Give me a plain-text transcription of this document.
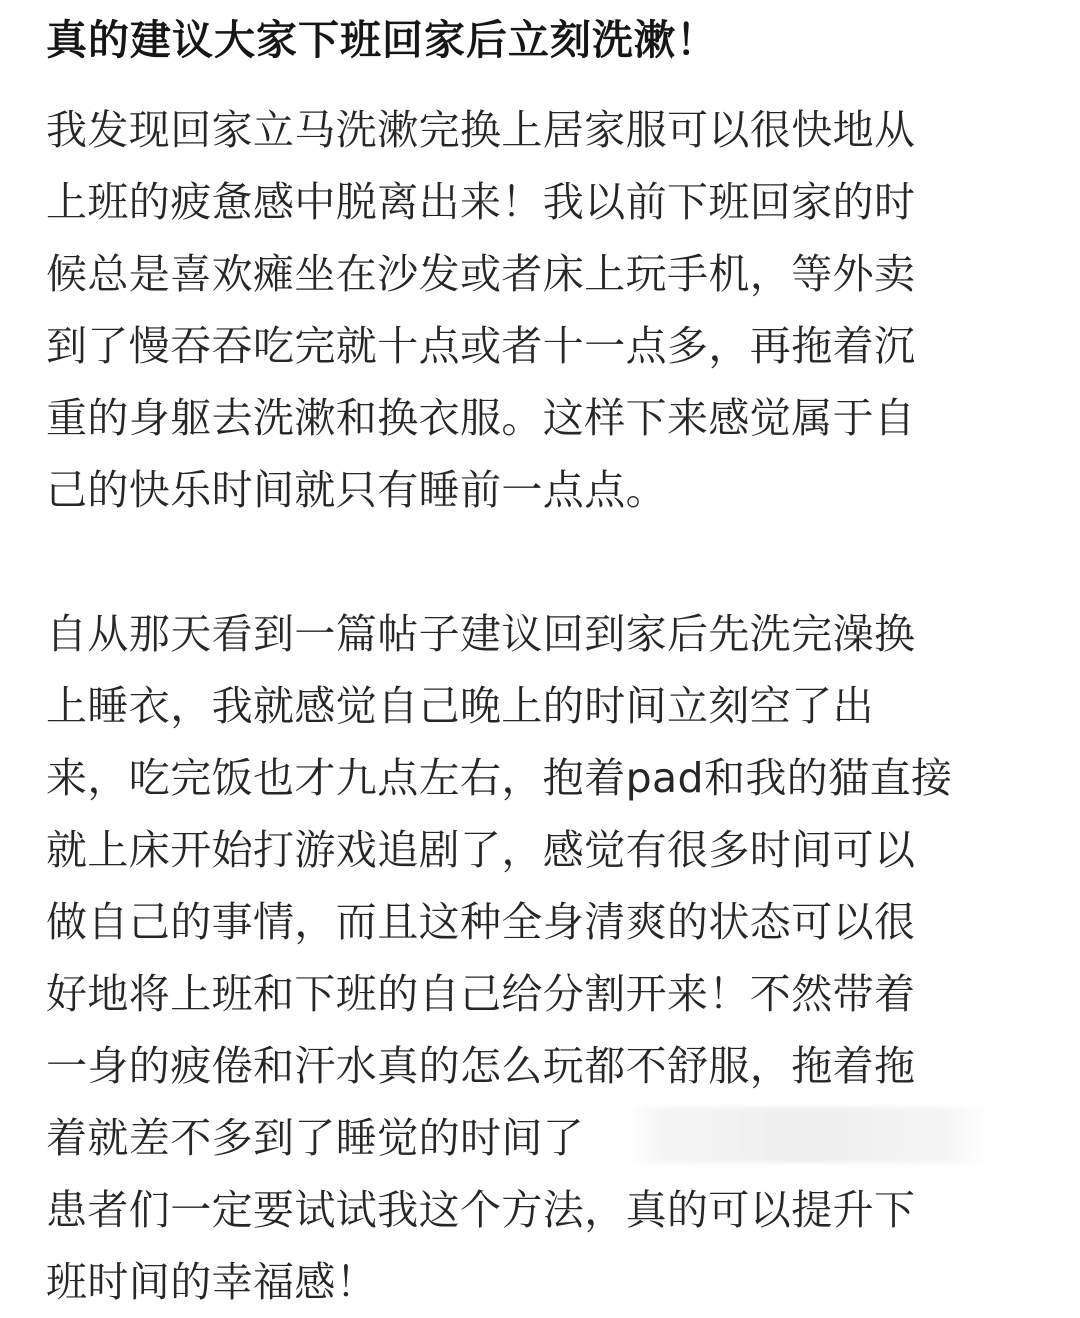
真的建议大家下班回家后立刻洗漱！
我发现回家立马洗漱完换上居家服可以很快地从
上班的疲惫感中脱离出来！我以前下班回家的时
候总是喜欢瘫坐在沙发或者床上玩手机，等外卖
到了慢吞吞吃完就十点或者十一点多，再拖着沉
重的身躯去洗漱和换衣服。这样下来感觉属于自
己的快乐时间就只有睡前一点点。
自从那天看到一篇帖子建议回到家后先洗完澡换
上睡衣，我就感觉自己晚上的时间立刻空了出
来，吃完饭也才九点左右，抱着pad和我的猫直接
就上床开始打游戏追剧了，感觉有很多时间可以
做自己的事情，而且这种全身清爽的状态可以很
好地将上班和下班的自己给分割开来！不然带着
一身的疲倦和汗水真的怎么玩都不舒服，拖着拖
着就差不多到了睡觉的时间了
患者们一定要试试我这个方法，真的可以提升下
班时间的幸福感！
